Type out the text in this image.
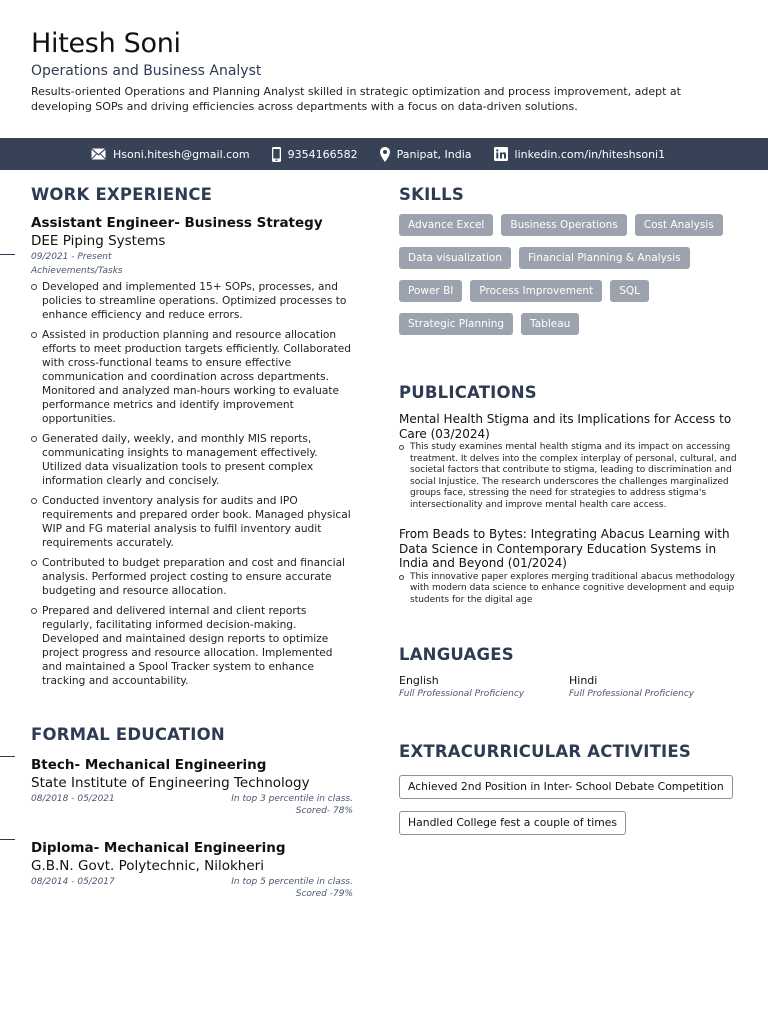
Hitesh Soni
Operations and Business Analyst
Results-oriented Operations and Planning Analyst skilled in strategic optimization and process improvement, adept at developing SOPs and driving efficiencies across departments with a focus on data-driven solutions.
Hsoni.hitesh@gmail.com	9354166582	Panipat, India	linkedin.com/in/hiteshsoni1
WORK EXPERIENCE
Assistant Engineer- Business Strategy
DEE Piping Systems
09/2021 - Present
Achievements/Tasks
Developed and implemented 15+ SOPs, processes, and policies to streamline operations. Optimized processes to enhance efficiency and reduce errors.
Assisted in production planning and resource allocation efforts to meet production targets efficiently. Collaborated with cross-functional teams to ensure effective communication and coordination across departments. Monitored and analyzed man-hours working to evaluate performance metrics and identify improvement opportunities.
Generated daily, weekly, and monthly MIS reports, communicating insights to management effectively. Utilized data visualization tools to present complex information clearly and concisely.
Conducted inventory analysis for audits and IPO requirements and prepared order book. Managed physical WIP and FG material analysis to fulfil inventory audit requirements accurately.
Contributed to budget preparation and cost and financial analysis. Performed project costing to ensure accurate budgeting and resource allocation.
Prepared and delivered internal and client reports regularly, facilitating informed decision-making. Developed and maintained design reports to optimize project progress and resource allocation. Implemented and maintained a Spool Tracker system to enhance tracking and accountability.
FORMAL EDUCATION
Btech- Mechanical Engineering
State Institute of Engineering Technology
08/2018 - 05/2021	In top 3 percentile in class.
Scored- 78%
Diploma- Mechanical Engineering
G.B.N. Govt. Polytechnic, Nilokheri
08/2014 - 05/2017	In top 5 percentile in class.
Scored -79%
SKILLS
Advance Excel	Business Operations	Cost Analysis
Data visualization	Financial Planning & Analysis
Power BI	Process Improvement	SQL
Strategic Planning	Tableau
PUBLICATIONS
Mental Health Stigma and its Implications for Access to Care (03/2024)
This study examines mental health stigma and its impact on accessing treatment. It delves into the complex interplay of personal, cultural, and societal factors that contribute to stigma, leading to discrimination and social Injustice. The research underscores the challenges marginalized groups face, stressing the need for strategies to address stigma's intersectionality and improve mental health care access.
From Beads to Bytes: Integrating Abacus Learning with Data Science in Contemporary Education Systems in India and Beyond (01/2024)
This innovative paper explores merging traditional abacus methodology with modern data science to enhance cognitive development and equip students for the digital age
LANGUAGES
English
Full Professional Proficiency
Hindi
Full Professional Proficiency
EXTRACURRICULAR ACTIVITIES
Achieved 2nd Position in Inter- School Debate Competition
Handled College fest a couple of times
